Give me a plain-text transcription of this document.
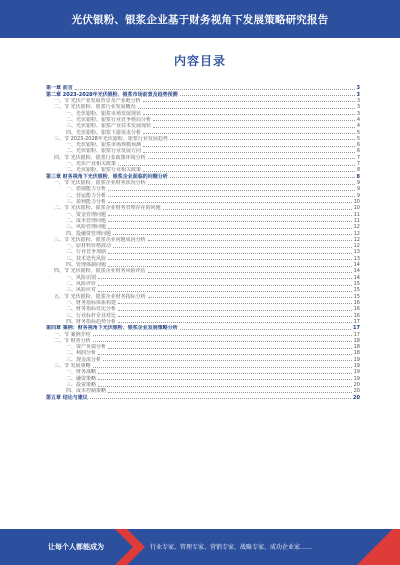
光伏银粉、银浆企业基于财务视角下发展策略研究报告
内容目录
第一章 前言	3
第二章 2023-2028年光伏银粉、银浆市场前景及趋势预测	3
一、节 光伏产业发展背景及产业链分析	3
二、节 光伏银粉、银浆行业发展概况	3
一、光伏银粉、银浆市场发展现状	3
二、光伏银粉、银浆行业竞争格局分析	4
三、光伏银粉、银浆产业技术发展现状	4
四、光伏银粉、银浆下游需求分析	5
三、节 2023-2028年光伏银粉、银浆行业发展趋势	5
一、光伏银粉、银浆市场规模预测	6
二、光伏银粉、银浆行业发展方向	6
四、节 光伏银粉、银浆行业政策环境分析	7
一、光伏产业相关政策	7
二、光伏银粉、银浆行业相关政策	8
第三章 财务视角下光伏银粉、银浆企业面临的问题分析	8
一、节 光伏银粉、银浆企业财务状况分析	9
一、偿债能力分析	9
二、营运能力分析	9
三、盈利能力分析	10
二、节 光伏银粉、银浆企业财务管理存在的问题	10
一、资金管理问题	11
二、成本管理问题	11
三、风险管理问题	12
四、投融资管理问题	12
三、节 光伏银粉、银浆企业问题成因分析	12
一、原材料价格波动	12
二、行业竞争加剧	13
三、技术迭代风险	13
四、管理体制问题	14
四、节 光伏银粉、银浆企业财务风险评估	14
一、风险识别	14
二、风险评价	15
三、风险应对	15
五、节 光伏银粉、银浆企业财务指标分析	15
一、财务指标体系构建	16
二、财务指标对比分析	16
三、行业标杆企业对比	16
四、财务指标趋势分析	17
第四章 案例：财务视角下光伏银粉、银浆企业发展策略分析	17
一、节 案例介绍	17
二、节 财务分析	18
一、资产负债分析	18
二、利润分析	18
三、现金流分析	19
三、节 发展策略	19
一、财务战略	19
二、融资策略	19
三、投资策略	20
四、成本控制策略	20
第五章 结论与建议	20
让每个人都能成为	行业专家、管理专家、营销专家、战略专家、成功企业家……
